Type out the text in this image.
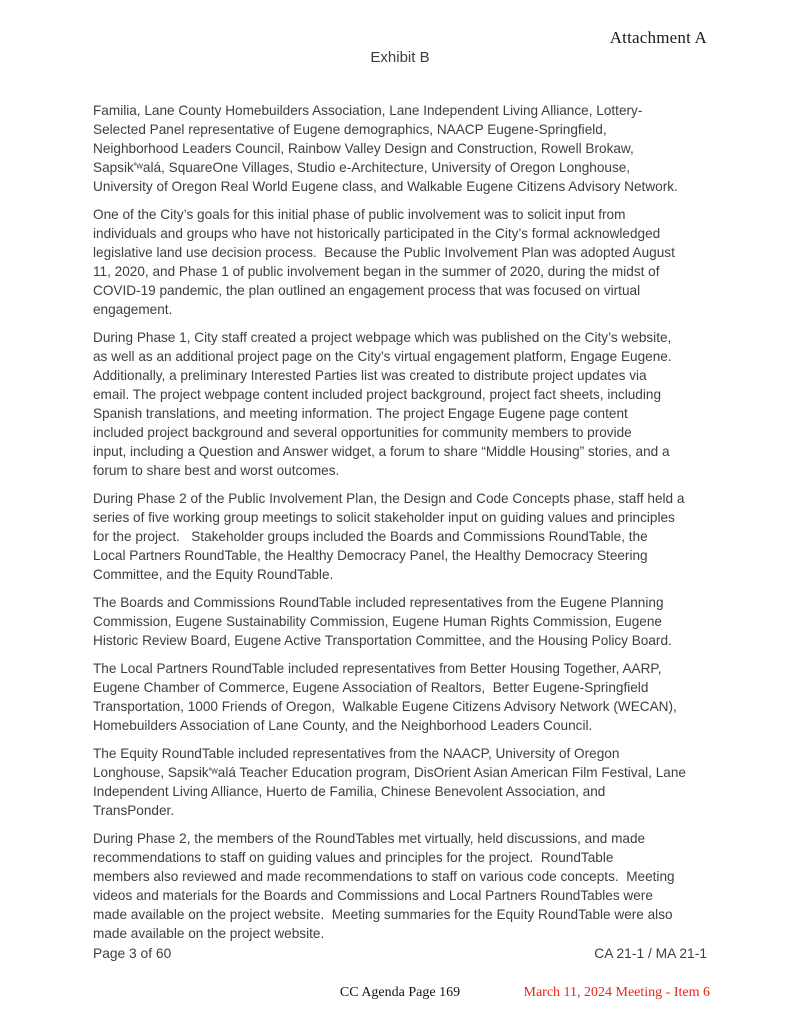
Attachment A
Exhibit B
Familia, Lane County Homebuilders Association, Lane Independent Living Alliance, Lottery-
Selected Panel representative of Eugene demographics, NAACP Eugene-Springfield,
Neighborhood Leaders Council, Rainbow Valley Design and Construction, Rowell Brokaw,
Sapsik'ʷalá, SquareOne Villages, Studio e-Architecture, University of Oregon Longhouse,
University of Oregon Real World Eugene class, and Walkable Eugene Citizens Advisory Network.
One of the City’s goals for this initial phase of public involvement was to solicit input from
individuals and groups who have not historically participated in the City’s formal acknowledged
legislative land use decision process.  Because the Public Involvement Plan was adopted August
11, 2020, and Phase 1 of public involvement began in the summer of 2020, during the midst of
COVID-19 pandemic, the plan outlined an engagement process that was focused on virtual
engagement.
During Phase 1, City staff created a project webpage which was published on the City’s website,
as well as an additional project page on the City’s virtual engagement platform, Engage Eugene.
Additionally, a preliminary Interested Parties list was created to distribute project updates via
email. The project webpage content included project background, project fact sheets, including
Spanish translations, and meeting information. The project Engage Eugene page content
included project background and several opportunities for community members to provide
input, including a Question and Answer widget, a forum to share “Middle Housing” stories, and a
forum to share best and worst outcomes.
During Phase 2 of the Public Involvement Plan, the Design and Code Concepts phase, staff held a
series of five working group meetings to solicit stakeholder input on guiding values and principles
for the project.   Stakeholder groups included the Boards and Commissions RoundTable, the
Local Partners RoundTable, the Healthy Democracy Panel, the Healthy Democracy Steering
Committee, and the Equity RoundTable.
The Boards and Commissions RoundTable included representatives from the Eugene Planning
Commission, Eugene Sustainability Commission, Eugene Human Rights Commission, Eugene
Historic Review Board, Eugene Active Transportation Committee, and the Housing Policy Board.
The Local Partners RoundTable included representatives from Better Housing Together, AARP,
Eugene Chamber of Commerce, Eugene Association of Realtors,  Better Eugene-Springfield
Transportation, 1000 Friends of Oregon,  Walkable Eugene Citizens Advisory Network (WECAN),
Homebuilders Association of Lane County, and the Neighborhood Leaders Council.
The Equity RoundTable included representatives from the NAACP, University of Oregon
Longhouse, Sapsik'ʷalá Teacher Education program, DisOrient Asian American Film Festival, Lane
Independent Living Alliance, Huerto de Familia, Chinese Benevolent Association, and
TransPonder.
During Phase 2, the members of the RoundTables met virtually, held discussions, and made
recommendations to staff on guiding values and principles for the project.  RoundTable
members also reviewed and made recommendations to staff on various code concepts.  Meeting
videos and materials for the Boards and Commissions and Local Partners RoundTables were
made available on the project website.  Meeting summaries for the Equity RoundTable were also
made available on the project website.
Page 3 of 60	CA 21-1 / MA 21-1
CC Agenda Page 169	March 11, 2024 Meeting - Item 6
